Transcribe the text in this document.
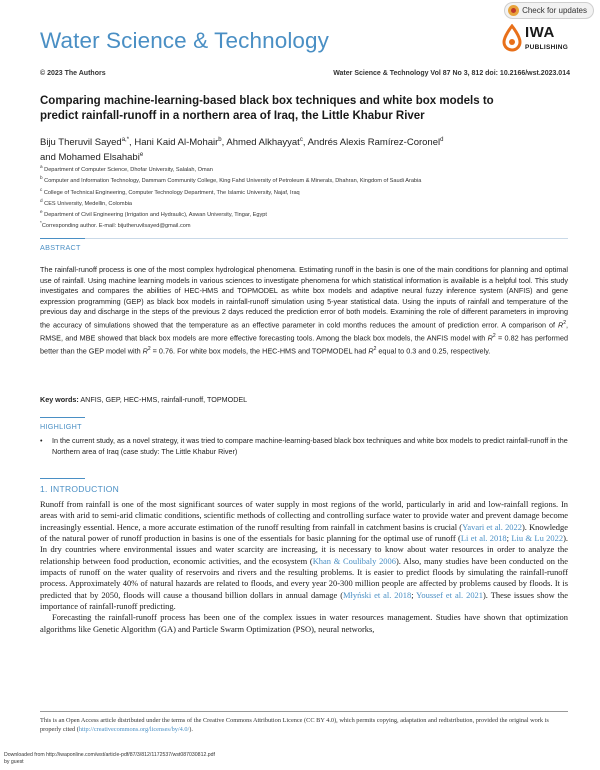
Check for updates
Water Science & Technology	IWA
PUBLISHING
© 2023 The Authors	Water Science & Technology Vol 87 No 3, 812 doi: 10.2166/wst.2023.014
Comparing machine-learning-based black box techniques and white box models to predict rainfall-runoff in a northern area of Iraq, the Little Khabur River
Biju Theruvil Sayed$^{a,*}$, Hani Kaid Al-Mohair$^b$, Ahmed Alkhayyat$^c$, Andrés Alexis Ramírez-Coronel$^d$
and Mohamed Elsahabi$^e$
$^a$ Department of Computer Science, Dhofar University, Salalah, Oman
$^b$ Computer and Information Technology, Dammam Community College, King Fahd University of Petroleum & Minerals, Dhahran, Kingdom of Saudi Arabia
$^c$ College of Technical Engineering, Computer Technology Department, The Islamic University, Najaf, Iraq
$^d$ CES University, Medellin, Colombia
$^e$ Department of Civil Engineering (Irrigation and Hydraulic), Aswan University, Tingar, Egypt
*Corresponding author. E-mail: bijutheruvilsayed@gmail.com
ABSTRACT
The rainfall-runoff process is one of the most complex hydrological phenomena. Estimating runoff in the basin is one of the main conditions for planning and optimal use of rainfall. Using machine learning models in various sciences to investigate phenomena for which statistical information is available is a helpful tool. This study investigates and compares the abilities of HEC-HMS and TOPMODEL as white box models and adaptive neural fuzzy inference system (ANFIS) and gene expression programming (GEP) as black box models in rainfall-runoff simulation using 5-year statistical data. Using the inputs of rainfall and temperature of the previous day and discharge in the steps of the previous 2 days reduced the prediction error of both models. Examining the role of different parameters in improving the accuracy of simulations showed that the temperature as an effective parameter in cold months reduces the amount of prediction error. A comparison of $R^2$, RMSE, and MBE showed that black box models are more effective forecasting tools. Among the black box models, the ANFIS model with $R^2 = 0.82$ has performed better than the GEP model with $R^2 = 0.76$. For white box models, the HEC-HMS and TOPMODEL had $R^2$ equal to 0.3 and 0.25, respectively.
Key words: ANFIS, GEP, HEC-HMS, rainfall-runoff, TOPMODEL
HIGHLIGHT
•	In the current study, as a novel strategy, it was tried to compare machine-learning-based black box techniques and white box models to predict rainfall-runoff in the Northern area of Iraq (case study: The Little Khabur River)
1. INTRODUCTION

Runoff from rainfall is one of the most significant sources of water supply in most regions of the world, particularly in arid and low-rainfall regions. In areas with arid to semi-arid climatic conditions, scientific methods of collecting and controlling surface water to provide water and prevent damage become increasingly essential. Hence, a more accurate estimation of the runoff resulting from rainfall in catchment basins is crucial (Yavari et al. 2022). Knowledge of the natural power of runoff production in basins is one of the essentials for basic planning for the optimal use of runoff (Li et al. 2018; Liu & Lu 2022). In dry countries where environmental issues and water scarcity are increasing, it is necessary to know about water resources in order to analyze the relationship between food production, economic activities, and the ecosystem (Khan & Coulibaly 2006). Also, many studies have been conducted on the impacts of runoff on the water quality of reservoirs and rivers and the resulting problems. It is easier to predict floods by simulating the rainfall-runoff process. Approximately 40% of natural hazards are related to floods, and every year 20-300 million people are affected by problems caused by floods. It is predicted that by 2050, floods will cause a thousand billion dollars in annual damage (Młyński et al. 2018; Youssef et al. 2021). These issues show the importance of rainfall-runoff predicting.

Forecasting the rainfall-runoff process has been one of the complex issues in water resources management. Studies have shown that optimization algorithms like Genetic Algorithm (GA) and Particle Swarm Optimization (PSO), neural networks,

This is an Open Access article distributed under the terms of the Creative Commons Attribution Licence (CC BY 4.0), which permits copying, adaptation and redistribution, provided the original work is properly cited (http://creativecommons.org/licenses/by/4.0/).
Downloaded from http://iwaponline.com/wst/article-pdf/87/3/812/1172537/wst087030812.pdf
by guest
